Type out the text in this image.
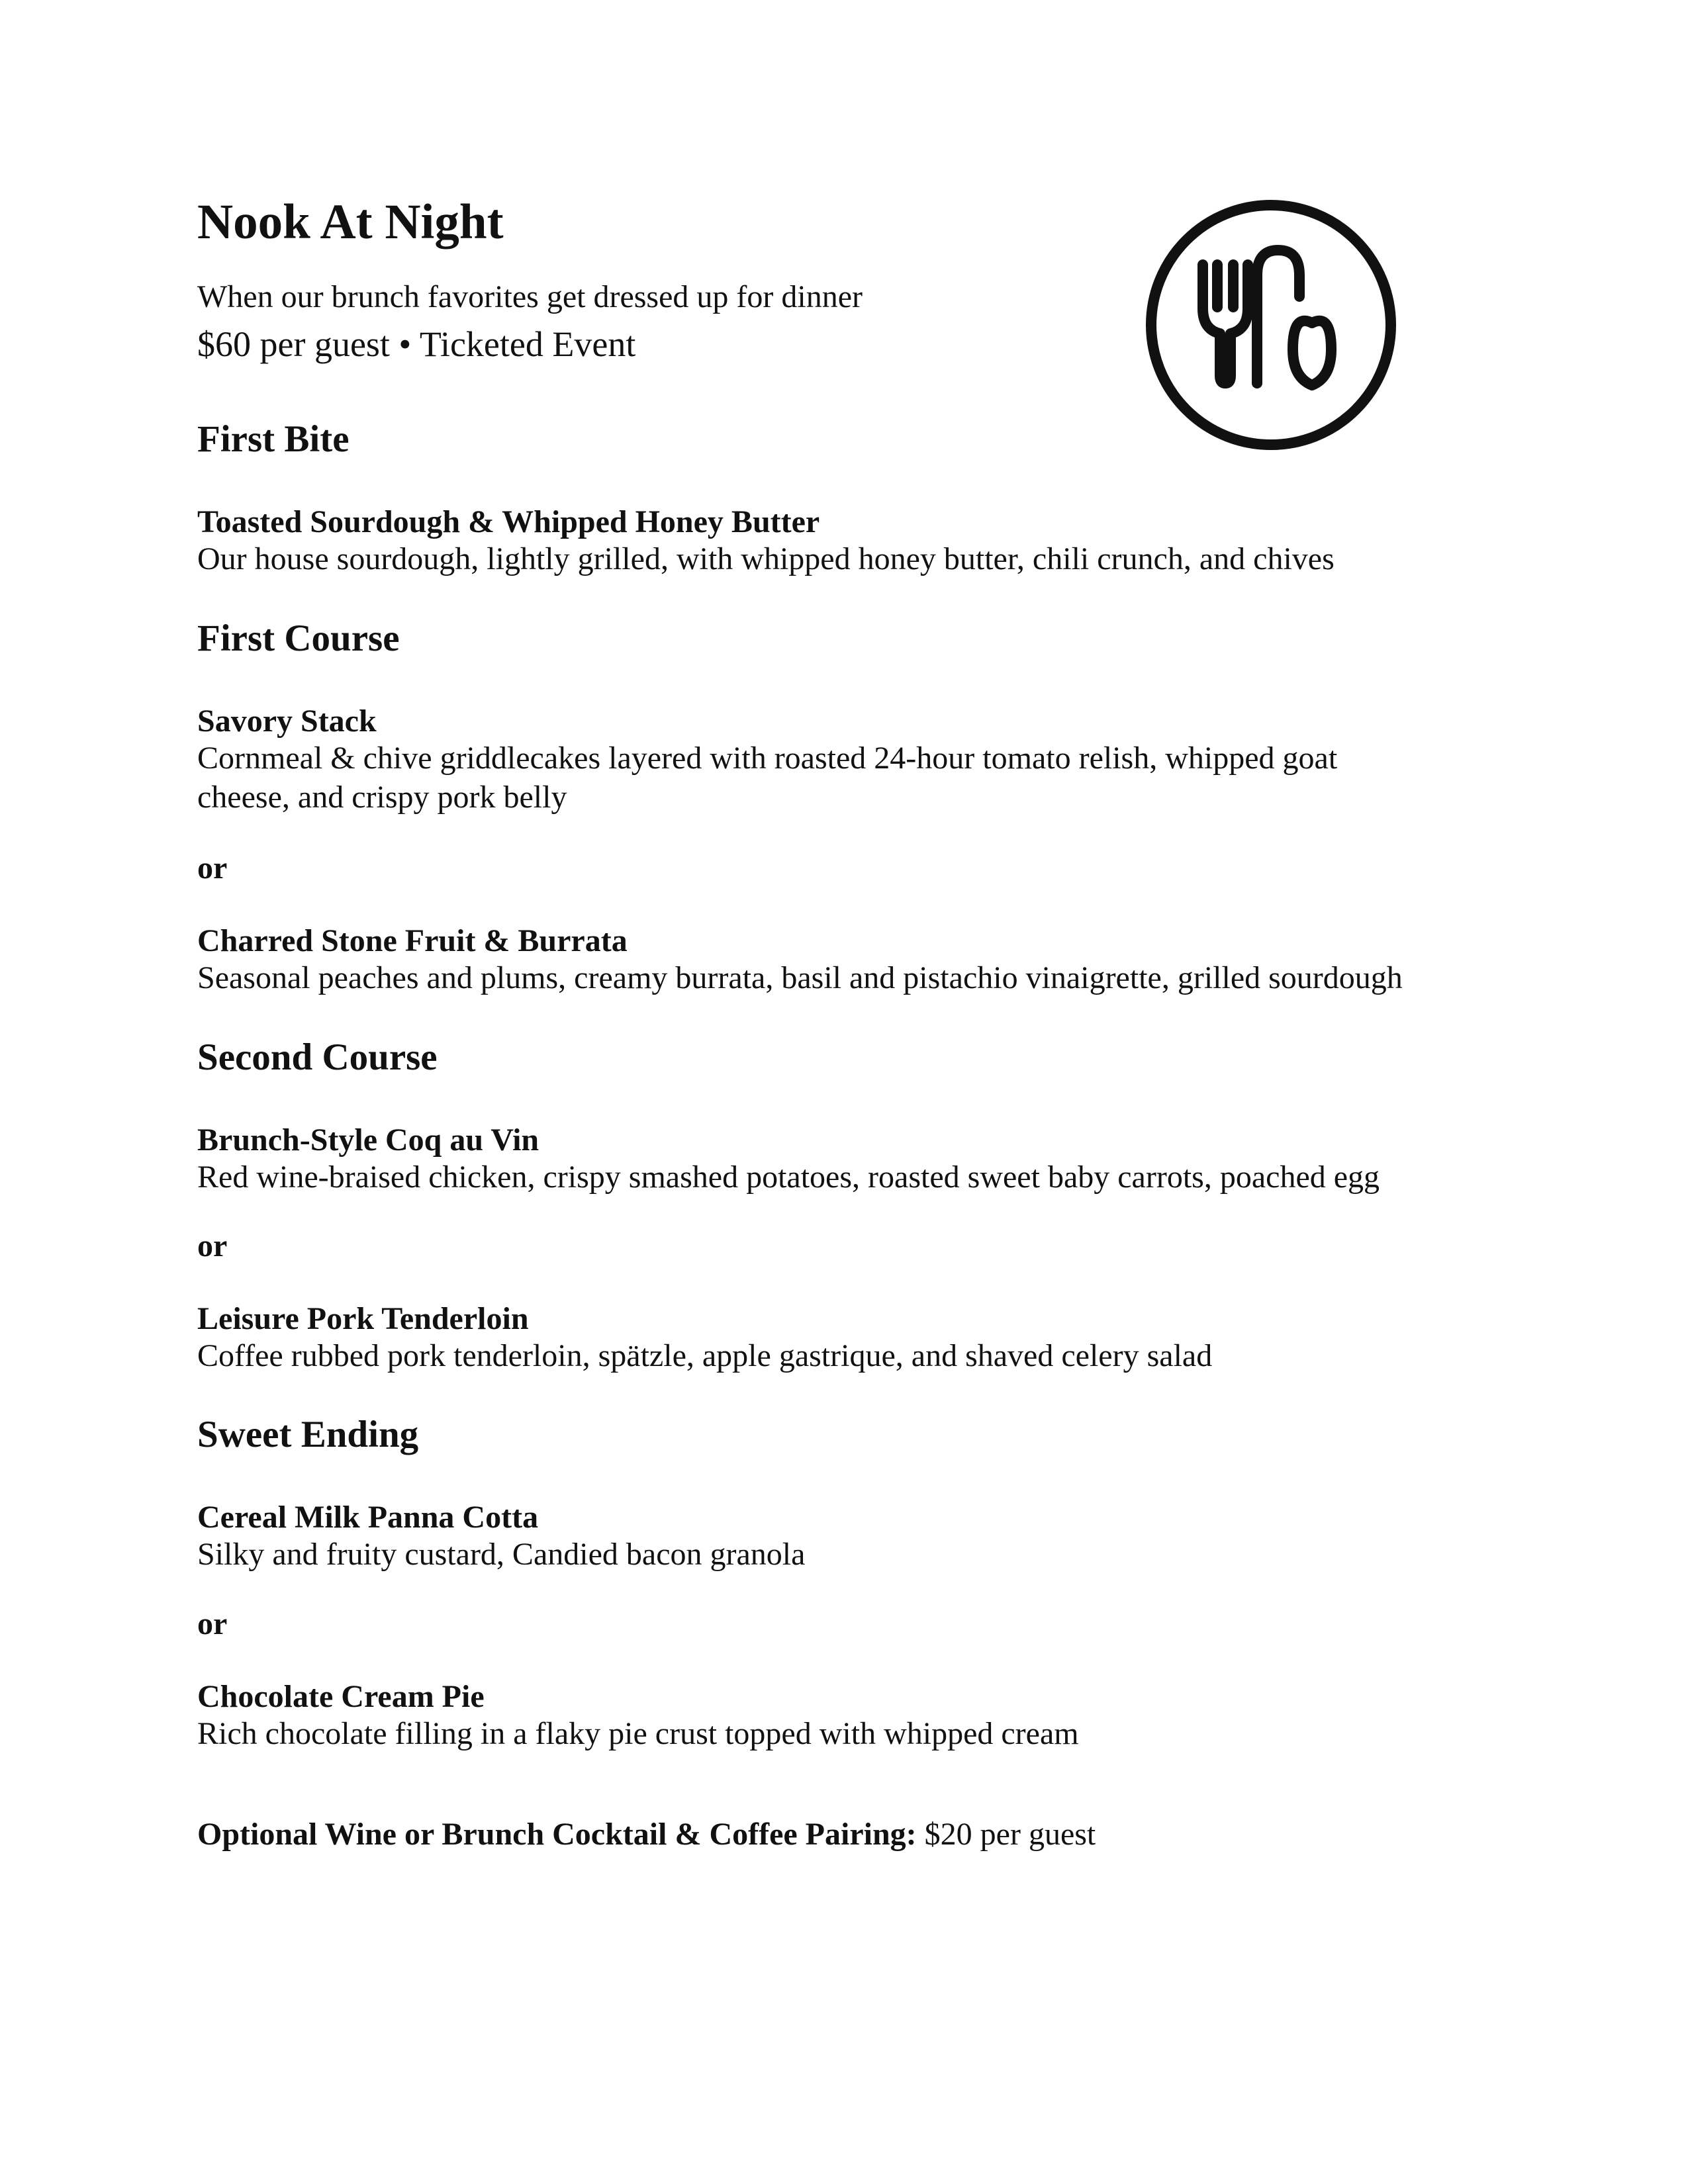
Nook At Night
When our brunch favorites get dressed up for dinner
$60 per guest • Ticketed Event
First Bite
Toasted Sourdough & Whipped Honey Butter
Our house sourdough, lightly grilled, with whipped honey butter, chili crunch, and chives
First Course
Savory Stack
Cornmeal & chive griddlecakes layered with roasted 24-hour tomato relish, whipped goat
cheese, and crispy pork belly
or
Charred Stone Fruit & Burrata
Seasonal peaches and plums, creamy burrata, basil and pistachio vinaigrette, grilled sourdough
Second Course
Brunch-Style Coq au Vin
Red wine-braised chicken, crispy smashed potatoes, roasted sweet baby carrots, poached egg
or
Leisure Pork Tenderloin
Coffee rubbed pork tenderloin, spätzle, apple gastrique, and shaved celery salad
Sweet Ending
Cereal Milk Panna Cotta
Silky and fruity custard, Candied bacon granola
or
Chocolate Cream Pie
Rich chocolate filling in a flaky pie crust topped with whipped cream
Optional Wine or Brunch Cocktail & Coffee Pairing: $20 per guest
